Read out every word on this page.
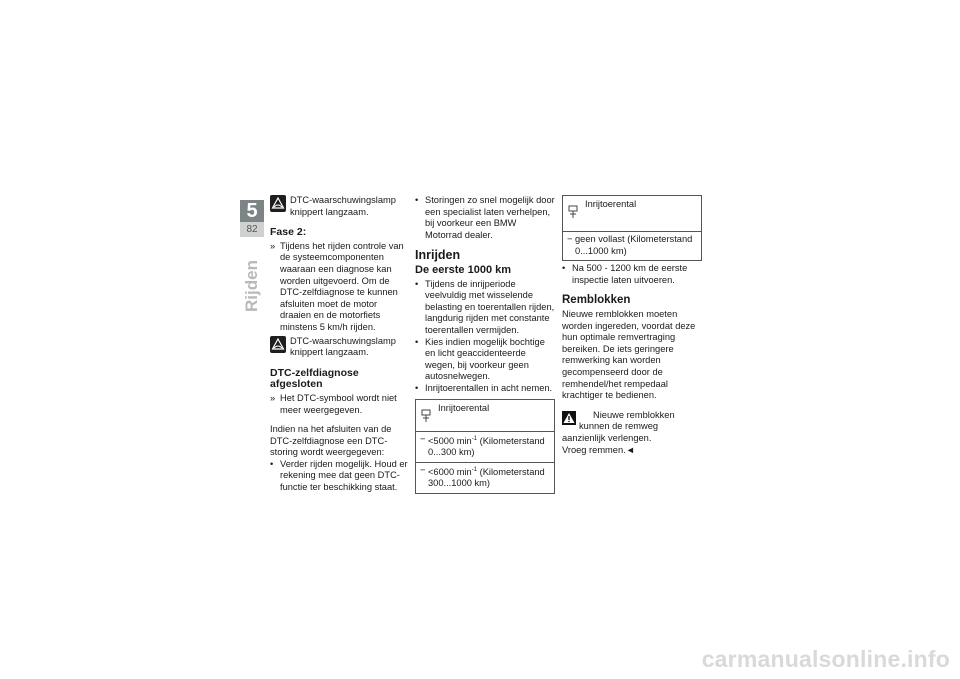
5
82
Rijden
DTC-waarschuwingslamp knippert langzaam.

Fase 2:

» Tijdens het rijden controle van de systeemcomponenten waaraan een diagnose kan worden uitgevoerd. Om de DTC-zelfdiagnose te kunnen afsluiten moet de motor draaien en de motorfiets minstens 5 km/h rijden.
DTC-waarschuwingslamp knippert langzaam.

DTC-zelfdiagnose afgesloten

» Het DTC-symbool wordt niet meer weergegeven.

Indien na het afsluiten van de DTC-zelfdiagnose een DTC-storing wordt weergegeven:

• Verder rijden mogelijk. Houd er rekening mee dat geen DTC-functie ter beschikking staat.
• Storingen zo snel mogelijk door een specialist laten verhelpen, bij voorkeur een BMW Motorrad dealer.

Inrijden

De eerste 1000 km

• Tijdens de inrijperiode veelvuldig met wisselende belasting en toerentallen rijden, langdurig rijden met constante toerentallen vermijden.
• Kies indien mogelijk bochtige en licht geaccidenteerde wegen, bij voorkeur geen autosnelwegen.
• Inrijtoerentallen in acht nemen.
Inrijtoerental
− <5000 $\min^{-1}$ (Kilometerstand 0...300 km)
− <6000 $\min^{-1}$ (Kilometerstand 300...1000 km)
Inrijtoerental
− geen vollast (Kilometerstand 0...1000 km)
• Na 500 - 1200 km de eerste inspectie laten uitvoeren.

Remblokken

Nieuwe remblokken moeten worden ingereden, voordat deze hun optimale remvertraging bereiken. De iets geringere remwerking kan worden gecompenseerd door de remhendel/het rempedaal krachtiger te bedienen.

Nieuwe remblokken kunnen de remweg aanzienlijk verlengen.

Vroeg remmen.◄

carmanualsonline.info
